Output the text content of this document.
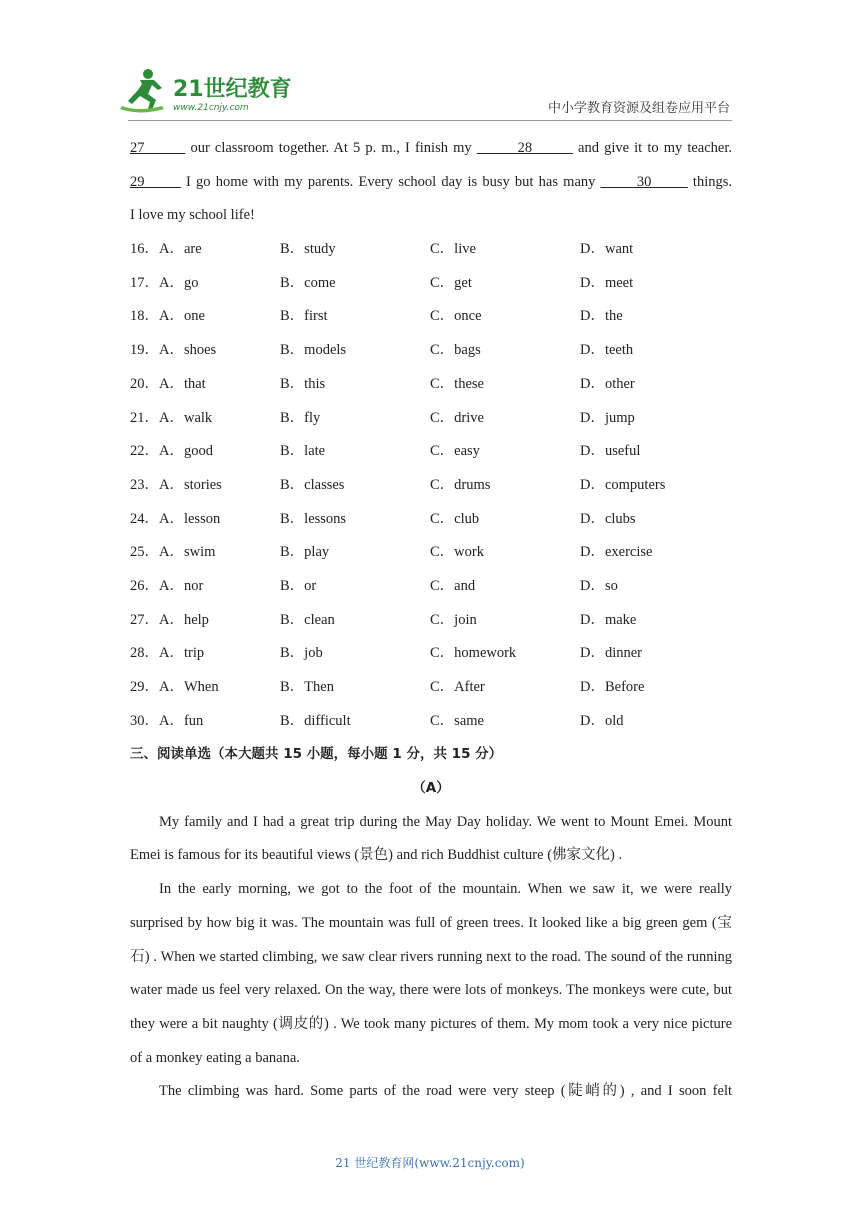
21世纪教育
www.21cnjy.com	中小学教育资源及组卷应用平台
27	our classroom together. At 5 p. m., I finish my	28	and give it to my teacher.
29	I go home with my parents. Every school day is busy but has many	30	things.
I love my school life!
16．A．are	B．study	C．live	D．want
17．A．go	B．come	C．get	D．meet
18．A．one	B．first	C．once	D．the
19．A．shoes	B．models	C．bags	D．teeth
20．A．that	B．this	C．these	D．other
21．A．walk	B．fly	C．drive	D．jump
22．A．good	B．late	C．easy	D．useful
23．A．stories	B．classes	C．drums	D．computers
24．A．lesson	B．lessons	C．club	D．clubs
25．A．swim	B．play	C．work	D．exercise
26．A．nor	B．or	C．and	D．so
27．A．help	B．clean	C．join	D．make
28．A．trip	B．job	C．homework	D．dinner
29．A．When	B．Then	C．After	D．Before
30．A．fun	B．difficult	C．same	D．old
三、阅读单选（本大题共 15 小题，每小题 1 分，共 15 分）
（A）

My family and I had a great trip during the May Day holiday. We went to Mount Emei. Mount Emei is famous for its beautiful views (景色) and rich Buddhist culture (佛家文化) .

In the early morning, we got to the foot of the mountain. When we saw it, we were really surprised by how big it was. The mountain was full of green trees. It looked like a big green gem (宝石) . When we started climbing, we saw clear rivers running next to the road. The sound of the running water made us feel very relaxed. On the way, there were lots of monkeys. The monkeys were cute, but they were a bit naughty (调皮的) . We took many pictures of them. My mom took a very nice picture of a monkey eating a banana.

The climbing was hard. Some parts of the road were very steep (陡峭的) , and I soon felt

21 世纪教育网(www.21cnjy.com)
